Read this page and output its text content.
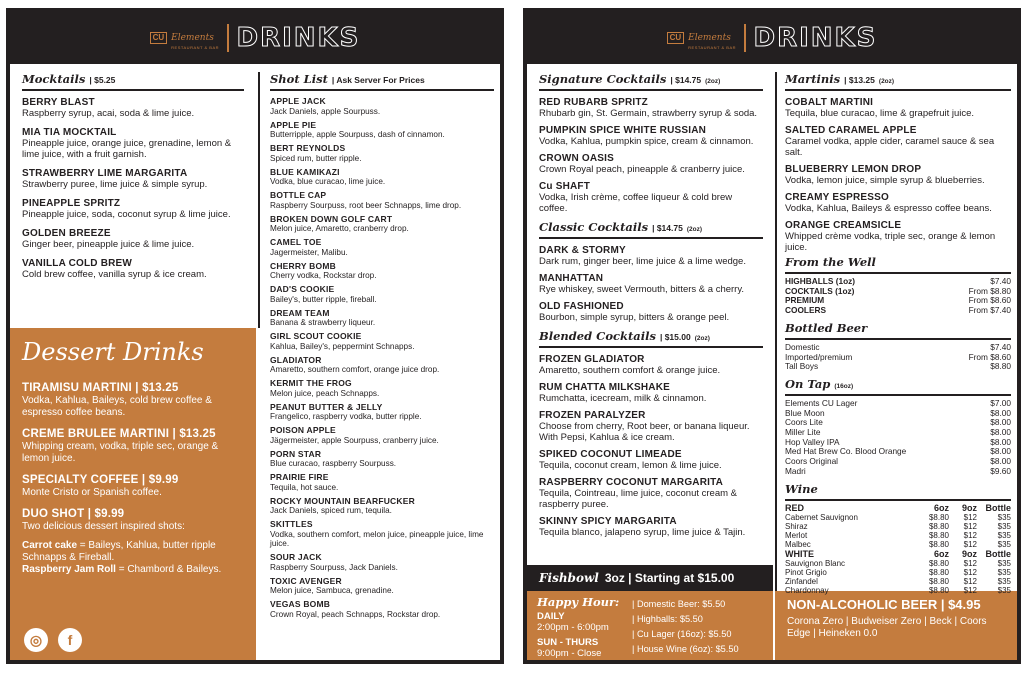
CU Elements
RESTAURANT & BAR DRINKS
Mocktails | $5.25
BERRY BLAST
Raspberry syrup, acai, soda & lime juice.
MIA TIA MOCKTAIL
Pineapple juice, orange juice, grenadine, lemon & lime juice, with a fruit garnish.
STRAWBERRY LIME MARGARITA
Strawberry puree, lime juice & simple syrup.
PINEAPPLE SPRITZ
Pineapple juice, soda, coconut syrup & lime juice.
GOLDEN BREEZE
Ginger beer, pineapple juice & lime juice.
VANILLA COLD BREW
Cold brew coffee, vanilla syrup & ice cream.
Dessert Drinks
TIRAMISU MARTINI | $13.25
Vodka, Kahlua, Baileys, cold brew coffee & espresso coffee beans.
CREME BRULEE MARTINI | $13.25
Whipping cream, vodka, triple sec, orange & lemon juice.
SPECIALTY COFFEE | $9.99
Monte Cristo or Spanish coffee.
DUO SHOT | $9.99
Two delicious dessert inspired shots:
Carrot cake = Baileys, Kahlua, butter ripple Schnapps & Fireball.
Raspberry Jam Roll = Chambord & Baileys.
◎	f
Shot List | Ask Server For Prices
APPLE JACK
Jack Daniels, apple Sourpuss.
APPLE PIE
Butterripple, apple Sourpuss, dash of cinnamon.
BERT REYNOLDS
Spiced rum, butter ripple.
BLUE KAMIKAZI
Vodka, blue curacao, lime juice.
BOTTLE CAP
Raspberry Sourpuss, root beer Schnapps, lime drop.
BROKEN DOWN GOLF CART
Melon juice, Amaretto, cranberry drop.
CAMEL TOE
Jagermeister, Malibu.
CHERRY BOMB
Cherry vodka, Rockstar drop.
DAD'S COOKIE
Bailey's, butter ripple, fireball.
DREAM TEAM
Banana & strawberry liqueur.
GIRL SCOUT COOKIE
Kahlua, Bailey's, peppermint Schnapps.
GLADIATOR
Amaretto, southern comfort, orange juice drop.
KERMIT THE FROG
Melon juice, peach Schnapps.
PEANUT BUTTER & JELLY
Frangelico, raspberry vodka, butter ripple.
POISON APPLE
Jägermeister, apple Sourpuss, cranberry juice.
PORN STAR
Blue curacao, raspberry Sourpuss.
PRAIRIE FIRE
Tequila, hot sauce.
ROCKY MOUNTAIN BEARFUCKER
Jack Daniels, spiced rum, tequila.
SKITTLES
Vodka, southern comfort, melon juice, pineapple juice, lime juice.
SOUR JACK
Raspberry Sourpuss, Jack Daniels.
TOXIC AVENGER
Melon juice, Sambuca, grenadine.
VEGAS BOMB
Crown Royal, peach Schnapps, Rockstar drop.
CU Elements
RESTAURANT & BAR DRINKS
Signature Cocktails | $14.75 (2oz)
RED RUBARB SPRITZ
Rhubarb gin, St. Germain, strawberry syrup & soda.
PUMPKIN SPICE WHITE RUSSIAN
Vodka, Kahlua, pumpkin spice, cream & cinnamon.
CROWN OASIS
Crown Royal peach, pineapple & cranberry juice.
Cu SHAFT
Vodka, Irish crème, coffee liqueur & cold brew coffee.
Classic Cocktails | $14.75 (2oz)
DARK & STORMY
Dark rum, ginger beer, lime juice & a lime wedge.
MANHATTAN
Rye whiskey, sweet Vermouth, bitters & a cherry.
OLD FASHIONED
Bourbon, simple syrup, bitters & orange peel.
Blended Cocktails | $15.00 (2oz)
FROZEN GLADIATOR
Amaretto, southern comfort & orange juice.
RUM CHATTA MILKSHAKE
Rumchatta, icecream, milk & cinnamon.
FROZEN PARALYZER
Choose from cherry, Root beer, or banana liqueur. With Pepsi, Kahlua & ice cream.
SPIKED COCONUT LIMEADE
Tequila, coconut cream, lemon & lime juice.
RASPBERRY COCONUT MARGARITA
Tequila, Cointreau, lime juice, coconut cream & raspberry puree.
SKINNY SPICY MARGARITA
Tequila blanco, jalapeno syrup, lime juice & Tajin.
Fishbowl 3oz | Starting at $15.00
Happy Hour:
DAILY
2:00pm - 6:00pm
SUN - THURS
9:00pm - Close
| Domestic Beer: $5.50
| Highballs: $5.50
| Cu Lager (16oz): $5.50
| House Wine (6oz): $5.50
NON-ALCOHOLIC BEER | $4.95
Corona Zero | Budweiser Zero | Beck | Coors Edge | Heineken 0.0
Martinis | $13.25 (2oz)
COBALT MARTINI
Tequila, blue curacao, lime & grapefruit juice.
SALTED CARAMEL APPLE
Caramel vodka, apple cider, caramel sauce & sea salt.
BLUEBERRY LEMON DROP
Vodka, lemon juice, simple syrup & blueberries.
CREAMY ESPRESSO
Vodka, Kahlua, Baileys & espresso coffee beans.
ORANGE CREAMSICLE
Whipped crème vodka, triple sec, orange & lemon juice.
From the Well
HIGHBALLS (1oz)	$7.40
COCKTAILS (1oz)	From $8.80
PREMIUM	From $8.60
COOLERS	From $7.40
Bottled Beer
Domestic	$7.40
Imported/premium	From $8.60
Tall Boys	$8.80
On Tap (16oz)
Elements CU Lager	$7.00
Blue Moon	$8.00
Coors Lite	$8.00
Miller Lite	$8.00
Hop Valley IPA	$8.00
Med Hat Brew Co. Blood Orange	$8.00
Coors Original	$8.00
Madri	$9.60
Wine
RED	6oz	9oz Bottle
Cabernet Sauvignon	$8.80	$12	$35
Shiraz	$8.80	$12	$35
Merlot	$8.80	$12	$35
Malbec	$8.80	$12	$35
WHITE	6oz	9oz Bottle
Sauvignon Blanc	$8.80	$12	$35
Pinot Grigio	$8.80	$12	$35
Zinfandel	$8.80	$12	$35
Chardonnay	$8.80	$12	$35
